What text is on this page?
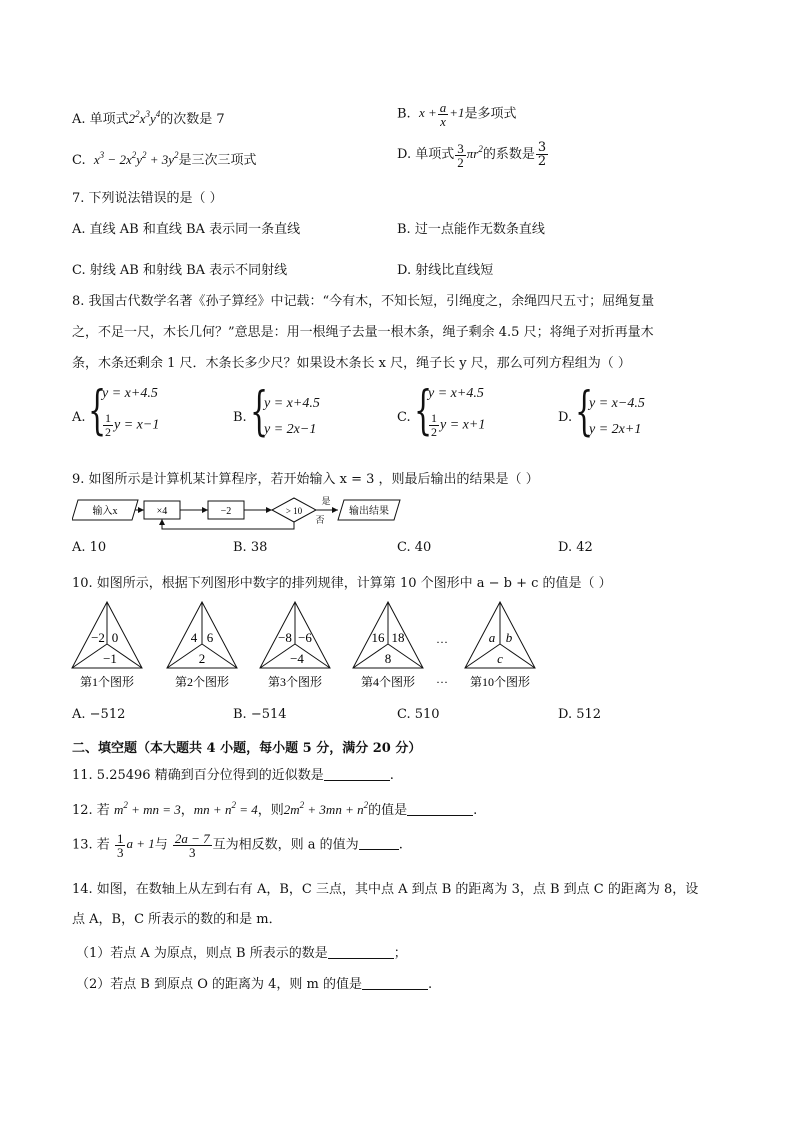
A. 单项式$2^2x^3y^4$的次数是 7	B. $x + \frac{a}{x} +1$是多项式
C. $x^3 - 2x^2y^2 + 3y^2$是三次三项式	D. 单项式 $\frac{3}{2} \pi r^2$的系数是 $\frac{3}{2}$
7. 下列说法错误的是（ ）
A. 直线 AB 和直线 BA 表示同一条直线	B. 过一点能作无数条直线
C. 射线 AB 和射线 BA 表示不同射线	D. 射线比直线短
8. 我国古代数学名著《孙子算经》中记载：“今有木，不知长短，引绳度之，余绳四尺五寸；屈绳复量
之，不足一尺，木长几何？”意思是：用一根绳子去量一根木条，绳子剩余 4.5 尺；将绳子对折再量木
条，木条还剩余 1 尺．木条长多少尺？如果设木条长 x 尺，绳子长 y 尺，那么可列方程组为（ ）
A. {
y = x+4.5
$\frac{1}{2}$ y = x−1
B. {
y = x+4.5
y = 2x−1
C. {
y = x+4.5
$\frac{1}{2}$ y = x+1
D. {
y = x−4.5
y = 2x+1
9. 如图所示是计算机某计算程序，若开始输入 x = 3 ，则最后输出的结果是（ ）
输入x	×4	−2	> 10
是
否
输出结果
A. 10	B. 38	C. 40	D. 42
10. 如图所示，根据下列图形中数字的排列规律，计算第 10 个图形中 a − b + c 的值是（ ）
−2 0
−1
第1个图形
4 6
2
第2个图形
−8 −6
−4
第3个图形
16 18
8
第4个图形
···
···
a b
c
第10个图形
A. −512	B. −514	C. 510	D. 512
二、填空题（本大题共 4 小题，每小题 5 分，满分 20 分）
11. 5.25496 精确到百分位得到的近似数是	.
12. 若 $m^2$ + mn = 3，mn + $n^2 = 4$，则$2m^2 + 3mn + n^2$的值是	.
13. 若 $\frac{1}{3}$ a + 1与 $\frac{2a - 7}{3}$ 互为相反数，则 a 的值为	.
14. 如图，在数轴上从左到右有 A，B，C 三点，其中点 A 到点 B 的距离为 3，点 B 到点 C 的距离为 8，设
点 A，B，C 所表示的数的和是 m．
（1）若点 A 为原点，则点 B 所表示的数是	；
（2）若点 B 到原点 O 的距离为 4，则 m 的值是	.
